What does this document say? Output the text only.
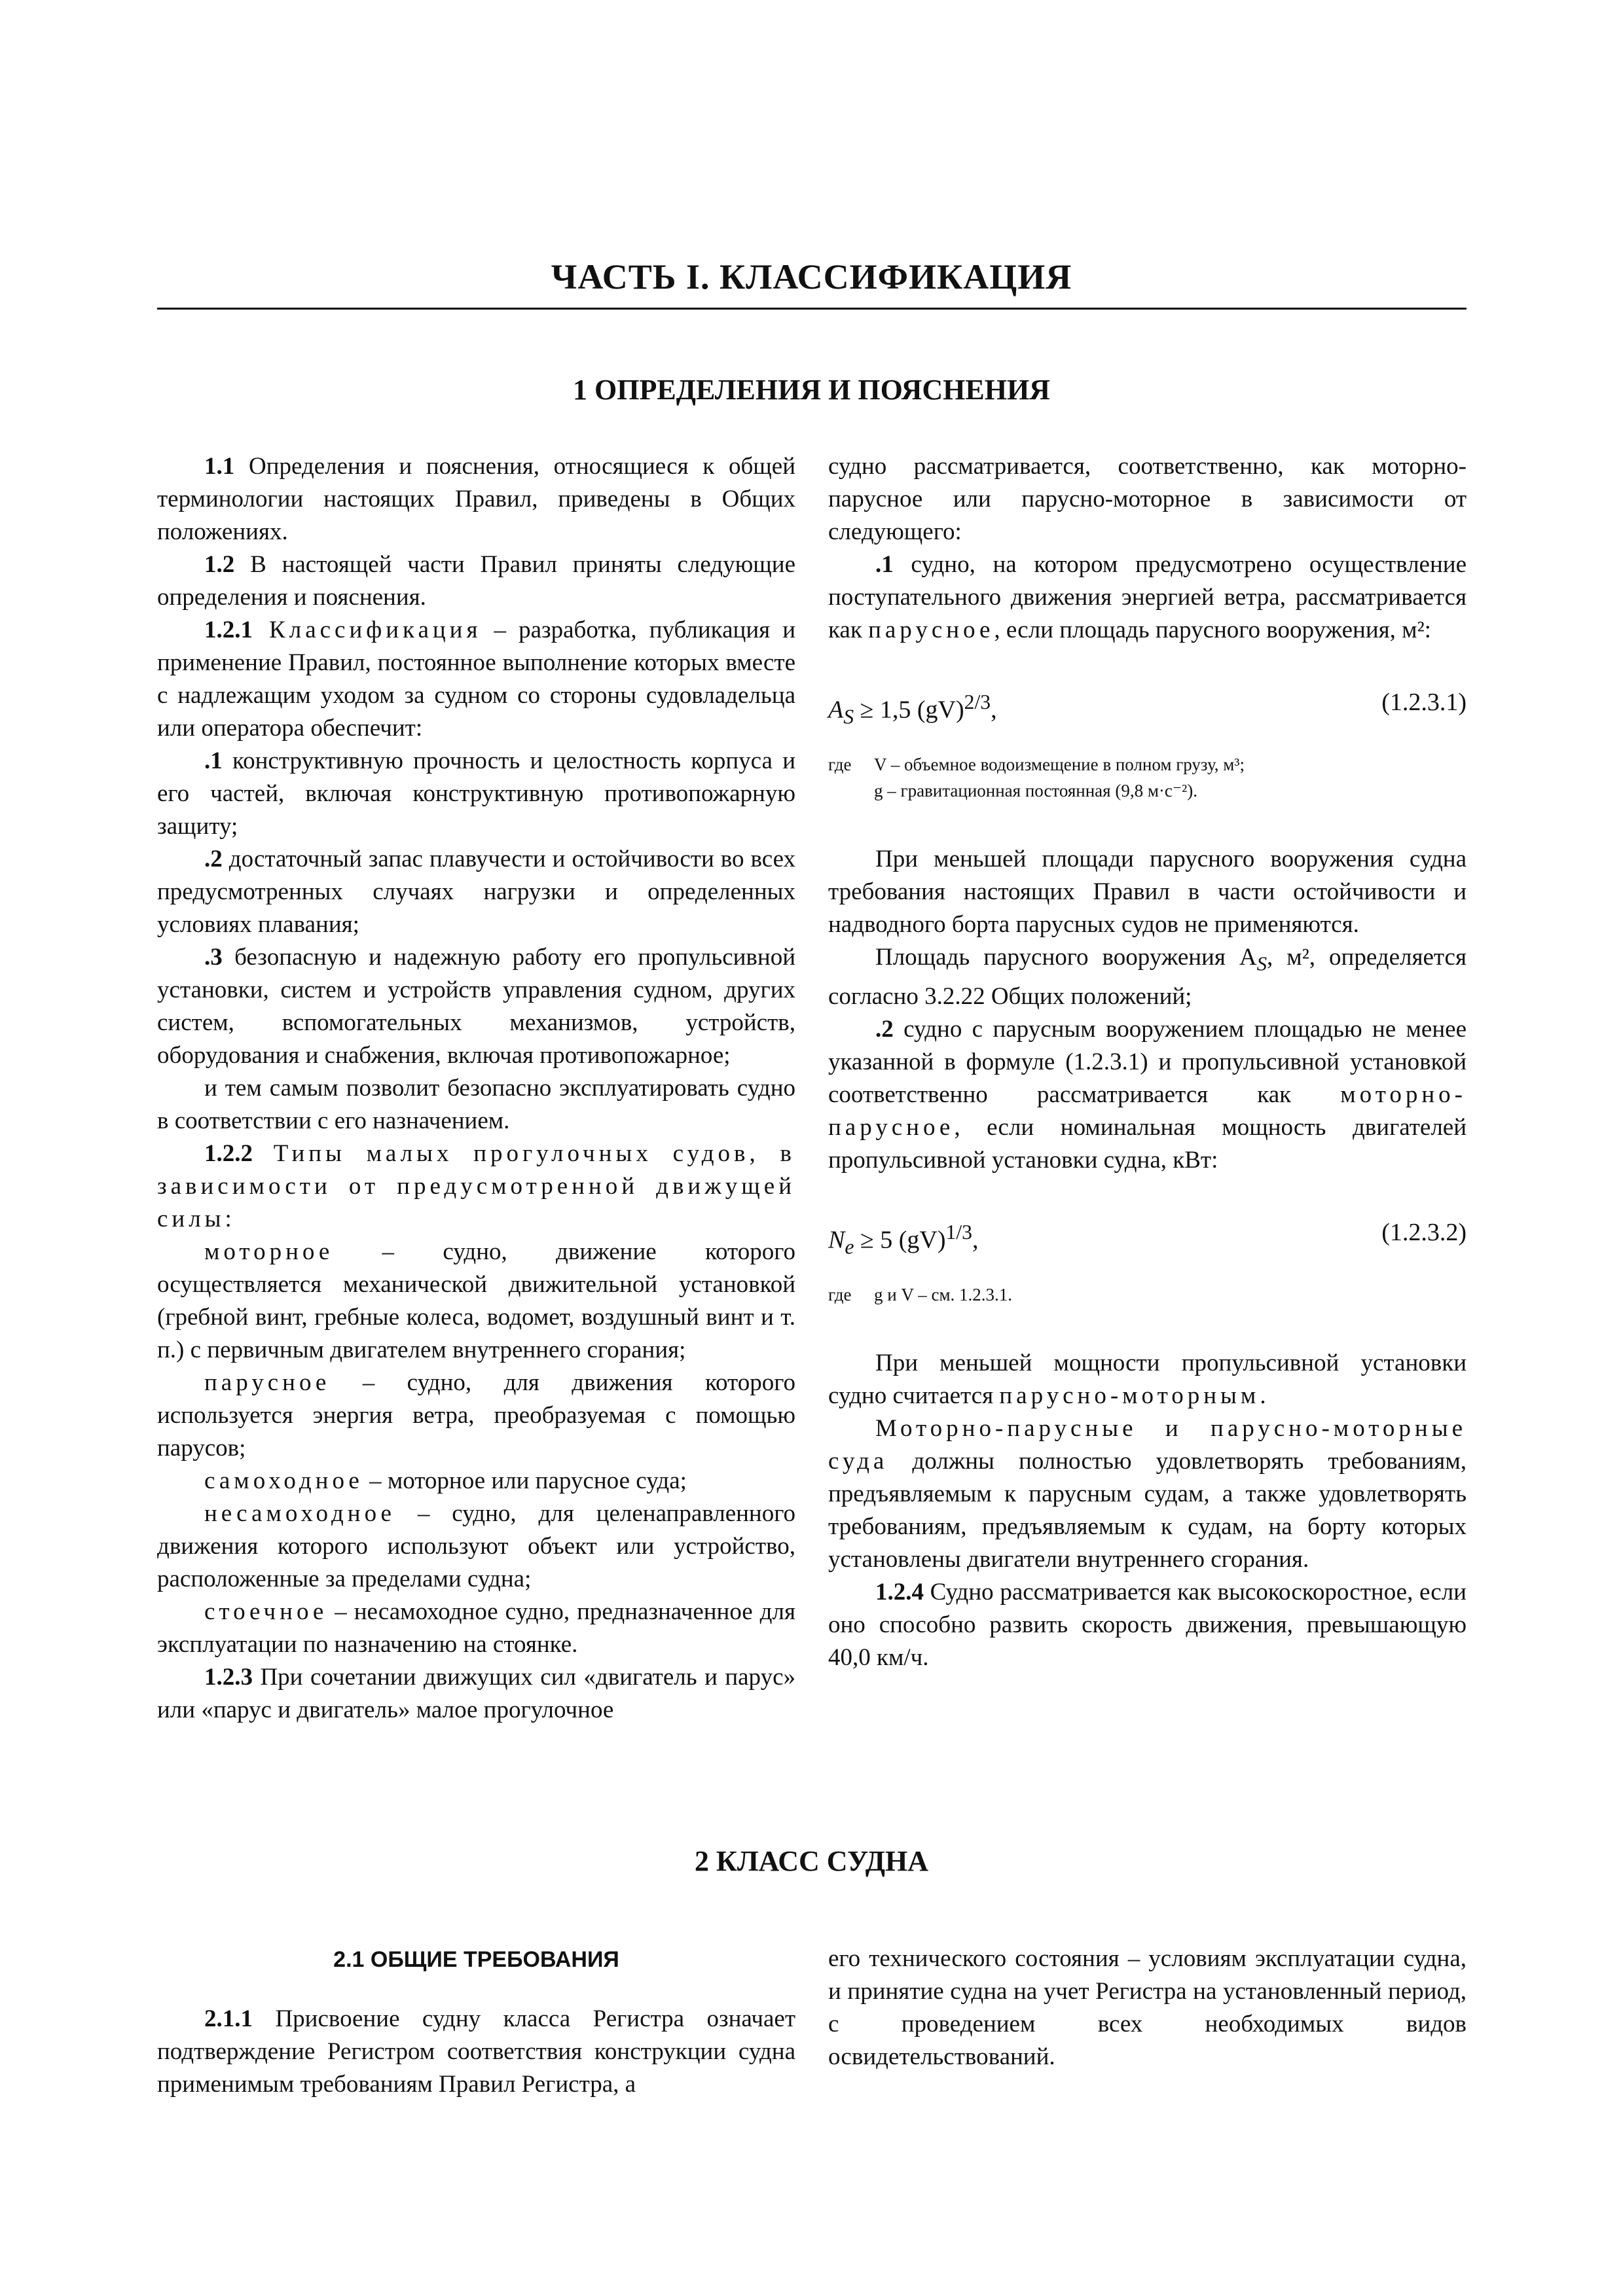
ЧАСТЬ I. КЛАССИФИКАЦИЯ
1 ОПРЕДЕЛЕНИЯ И ПОЯСНЕНИЯ

1.1 Определения и пояснения, относящиеся к общей терминологии настоящих Правил, приведены в Общих положениях.

1.2 В настоящей части Правил приняты следующие определения и пояснения.

1.2.1 Классификация – разработка, публикация и применение Правил, постоянное выполнение которых вместе с надлежащим уходом за судном со стороны судовладельца или оператора обеспечит:

.1 конструктивную прочность и целостность корпуса и его частей, включая конструктивную противопожарную защиту;

.2 достаточный запас плавучести и остойчивости во всех предусмотренных случаях нагрузки и определенных условиях плавания;

.3 безопасную и надежную работу его пропульсивной установки, систем и устройств управления судном, других систем, вспомогательных механизмов, устройств, оборудования и снабжения, включая противопожарное;

и тем самым позволит безопасно эксплуатировать судно в соответствии с его назначением.

1.2.2 Типы малых прогулочных судов, в зависимости от предусмотренной движущей силы:

моторное – судно, движение которого осуществляется механической движительной установкой (гребной винт, гребные колеса, водомет, воздушный винт и т. п.) с первичным двигателем внутреннего сгорания;

парусное – судно, для движения которого используется энергия ветра, преобразуемая с помощью парусов;

самоходное – моторное или парусное суда;

несамоходное – судно, для целенаправленного движения которого используют объект или устройство, расположенные за пределами судна;

стоечное – несамоходное судно, предназначенное для эксплуатации по назначению на стоянке.

1.2.3 При сочетании движущих сил «двигатель и парус» или «парус и двигатель» малое прогулочное

судно рассматривается, соответственно, как моторно-парусное или парусно-моторное в зависимости от следующего:

.1 судно, на котором предусмотрено осуществление поступательного движения энергией ветра, рассматривается как парусное, если площадь парусного вооружения, м²:

$A_S \ge 1,5$ (gV)$^{2/3}$,	(1.2.3.1)
где	V – объемное водоизмещение в полном грузу, м³;
g – гравитационная постоянная (9,8 м·с⁻²).

При меньшей площади парусного вооружения судна требования настоящих Правил в части остойчивости и надводного борта парусных судов не применяются.

Площадь парусного вооружения $A_S$, м², определяется согласно 3.2.22 Общих положений;

.2 судно с парусным вооружением площадью не менее указанной в формуле (1.2.3.1) и пропульсивной установкой соответственно рассматривается как моторно-парусное, если номинальная мощность двигателей пропульсивной установки судна, кВт:

$N_e \ge 5$ (gV)$^{1/3}$,	(1.2.3.2)
где	g и V – см. 1.2.3.1.

При меньшей мощности пропульсивной установки судно считается парусно-моторным.

Моторно-парусные и парусно-моторные суда должны полностью удовлетворять требованиям, предъявляемым к парусным судам, а также удовлетворять требованиям, предъявляемым к судам, на борту которых установлены двигатели внутреннего сгорания.

1.2.4 Судно рассматривается как высокоскоростное, если оно способно развить скорость движения, превышающую 40,0 км/ч.

2 КЛАСС СУДНА
2.1 ОБЩИЕ ТРЕБОВАНИЯ

2.1.1 Присвоение судну класса Регистра означает подтверждение Регистром соответствия конструкции судна применимым требованиям Правил Регистра, а

его технического состояния – условиям эксплуатации судна, и принятие судна на учет Регистра на установленный период, с проведением всех необходимых видов освидетельствований.
